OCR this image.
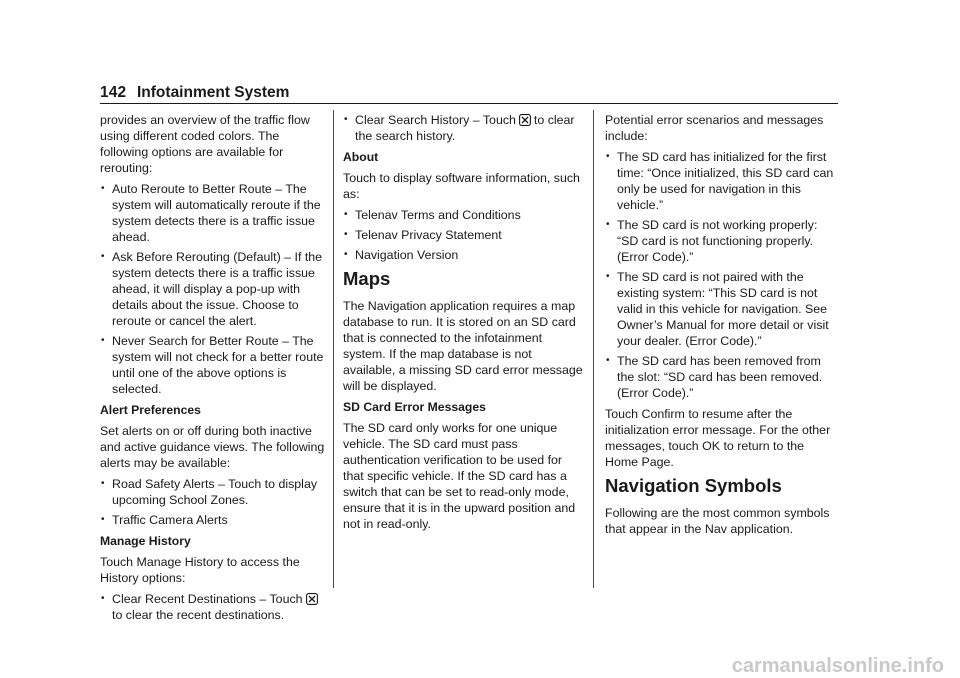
142 Infotainment System

provides an overview of the traffic flow using different coded colors. The following options are available for rerouting:

• Auto Reroute to Better Route – The system will automatically reroute if the system detects there is a traffic issue ahead.
• Ask Before Rerouting (Default) – If the system detects there is a traffic issue ahead, it will display a pop-up with details about the issue. Choose to reroute or cancel the alert.
• Never Search for Better Route – The system will not check for a better route until one of the above options is selected.

Alert Preferences

Set alerts on or off during both inactive and active guidance views. The following alerts may be available:

• Road Safety Alerts – Touch to display upcoming School Zones.
• Traffic Camera Alerts

Manage History

Touch Manage History to access the History options:

• Clear Recent Destinations – Touchto clear the recent destinations.
• Clear Search History – Touch to clear the search history.

About

Touch to display software information, such as:

• Telenav Terms and Conditions
• Telenav Privacy Statement
• Navigation Version
Maps

The Navigation application requires a map database to run. It is stored on an SD card that is connected to the infotainment system. If the map database is not available, a missing SD card error message will be displayed.

SD Card Error Messages

The SD card only works for one unique vehicle. The SD card must pass authentication verification to be used for that specific vehicle. If the SD card has a switch that can be set to read-only mode, ensure that it is in the upward position and not in read-only.

Potential error scenarios and messages include:

• The SD card has initialized for the first time: “Once initialized, this SD card can only be used for navigation in this vehicle.”
• The SD card is not working properly: “SD card is not functioning properly. (Error Code).”
• The SD card is not paired with the existing system: “This SD card is not valid in this vehicle for navigation. See Owner’s Manual for more detail or visit your dealer. (Error Code).”
• The SD card has been removed from the slot: “SD card has been removed. (Error Code).”

Touch Confirm to resume after the initialization error message. For the other messages, touch OK to return to the Home Page.

Navigation Symbols

Following are the most common symbols that appear in the Nav application.

carmanualsonline.info
